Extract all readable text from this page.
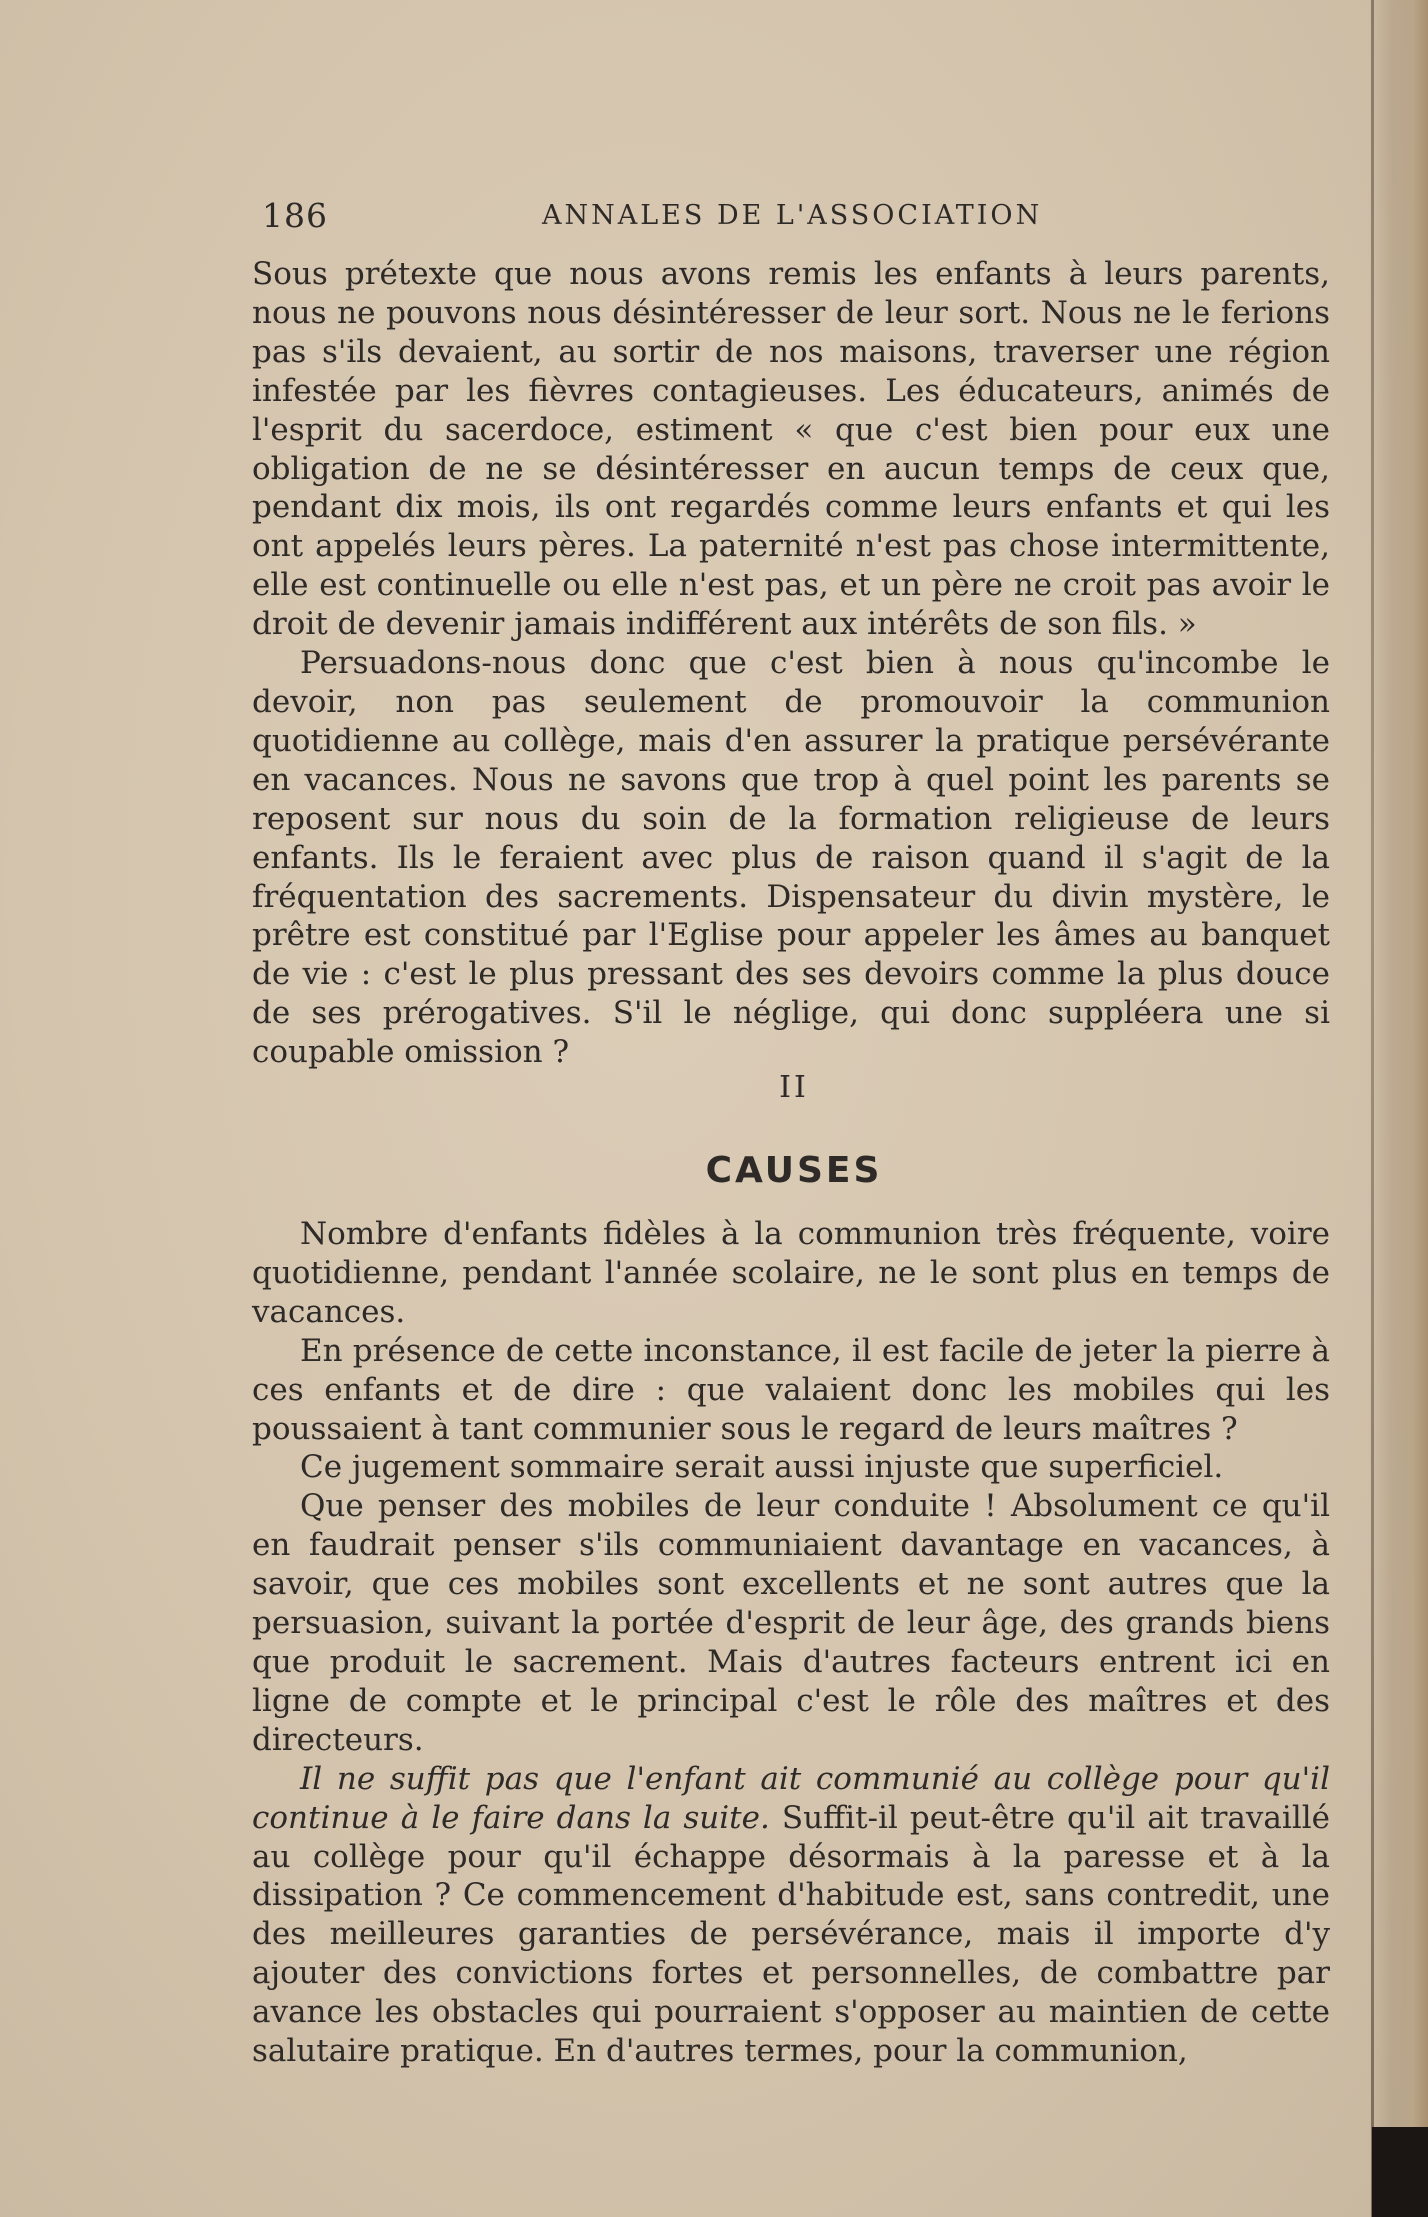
186	ANNALES DE L'ASSOCIATION

Sous prétexte que nous avons remis les enfants à leurs parents, nous ne pouvons nous désintéresser de leur sort. Nous ne le ferions pas s'ils devaient, au sortir de nos maisons, traverser une région infestée par les fièvres contagieuses. Les éducateurs, animés de l'esprit du sacerdoce, estiment « que c'est bien pour eux une obligation de ne se désintéresser en aucun temps de ceux que, pendant dix mois, ils ont regardés comme leurs enfants et qui les ont appelés leurs pères. La paternité n'est pas chose intermittente, elle est continuelle ou elle n'est pas, et un père ne croit pas avoir le droit de devenir jamais indifférent aux intérêts de son fils. »

Persuadons-nous donc que c'est bien à nous qu'incombe le devoir, non pas seulement de promouvoir la communion quotidienne au collège, mais d'en assurer la pratique persévérante en vacances. Nous ne savons que trop à quel point les parents se reposent sur nous du soin de la formation religieuse de leurs enfants. Ils le feraient avec plus de raison quand il s'agit de la fréquentation des sacrements. Dispensateur du divin mystère, le prêtre est constitué par l'Eglise pour appeler les âmes au banquet de vie : c'est le plus pressant des ses devoirs comme la plus douce de ses prérogatives. S'il le néglige, qui donc suppléera une si coupable omission ?

II
CAUSES

Nombre d'enfants fidèles à la communion très fréquente, voire quotidienne, pendant l'année scolaire, ne le sont plus en temps de vacances.

En présence de cette inconstance, il est facile de jeter la pierre à ces enfants et de dire : que valaient donc les mobiles qui les poussaient à tant communier sous le regard de leurs maîtres ?

Ce jugement sommaire serait aussi injuste que superficiel.

Que penser des mobiles de leur conduite ! Absolument ce qu'il en faudrait penser s'ils communiaient davantage en vacances, à savoir, que ces mobiles sont excellents et ne sont autres que la persuasion, suivant la portée d'esprit de leur âge, des grands biens que produit le sacrement. Mais d'autres facteurs entrent ici en ligne de compte et le principal c'est le rôle des maîtres et des directeurs.

Il ne suffit pas que l'enfant ait communié au collège pour qu'il continue à le faire dans la suite. Suffit-il peut-être qu'il ait travaillé au collège pour qu'il échappe désormais à la paresse et à la dissipation ? Ce commencement d'habitude est, sans contredit, une des meilleures garanties de persévérance, mais il importe d'y ajouter des convictions fortes et personnelles, de combattre par avance les obstacles qui pourraient s'opposer au maintien de cette salutaire pratique. En d'autres termes, pour la communion,
